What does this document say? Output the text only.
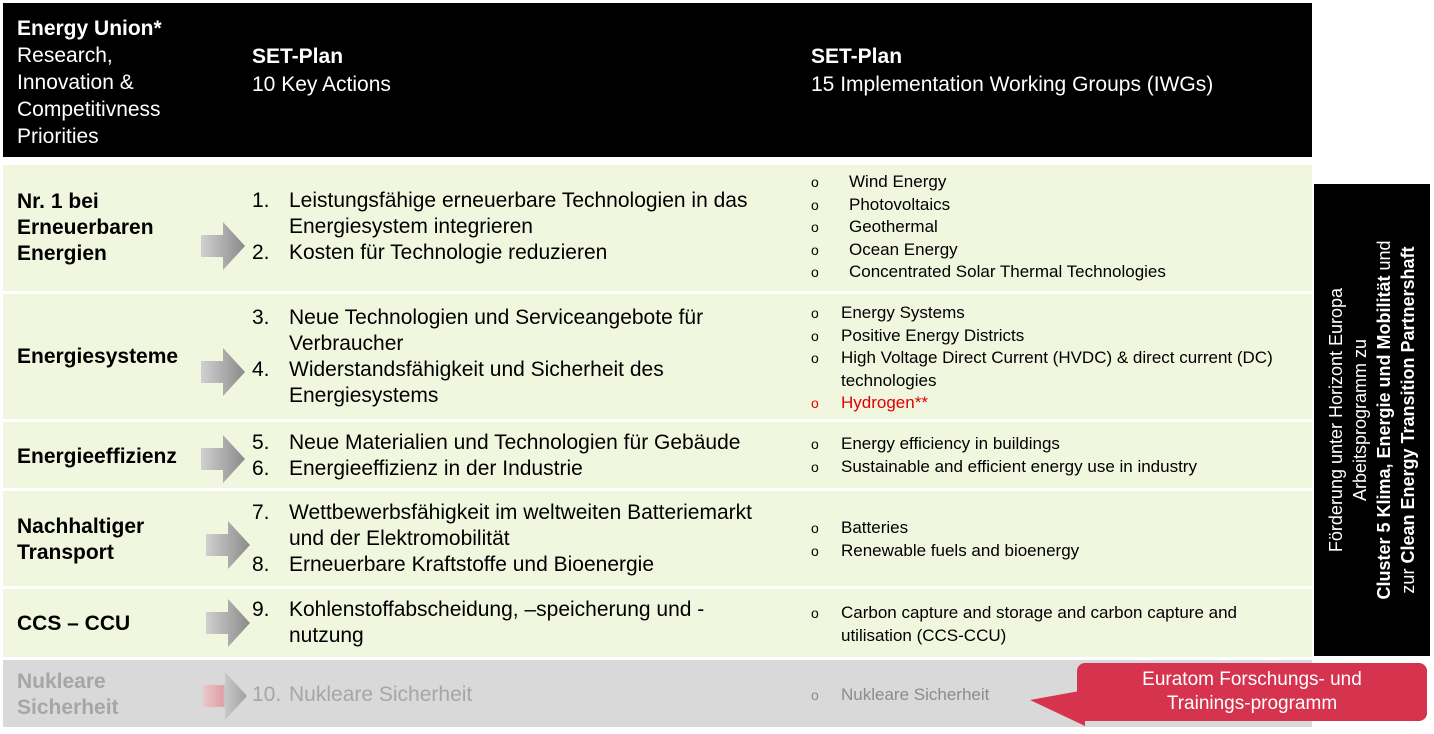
Energy Union*
Research,
Innovation &
Competitivness
Priorities
SET-Plan
10 Key Actions
SET-Plan
15 Implementation Working Groups (IWGs)
Nr. 1 bei
Erneuerbaren
Energien
1. Leistungsfähige erneuerbare Technologien in das Energiesystem integrieren
2. Kosten für Technologie reduzieren
o Wind Energy
o Photovoltaics
o Geothermal
o Ocean Energy
o Concentrated Solar Thermal Technologies
Energiesysteme
3. Neue Technologien und Serviceangebote für Verbraucher
4. Widerstandsfähigkeit und Sicherheit des Energiesystems
o Energy Systems
o Positive Energy Districts
o High Voltage Direct Current (HVDC) & direct current (DC) technologies
o Hydrogen**
Energieeffizienz
5. Neue Materialien und Technologien für Gebäude
6. Energieeffizienz in der Industrie
o Energy efficiency in buildings
o Sustainable and efficient energy use in industry
Nachhaltiger
Transport
7. Wettbewerbsfähigkeit im weltweiten Batteriemarkt und der Elektromobilität
8. Erneuerbare Kraftstoffe und Bioenergie
o Batteries
o Renewable fuels and bioenergy
CCS – CCU
9. Kohlenstoffabscheidung, –speicherung und -nutzung
o Carbon capture and storage and carbon capture and utilisation (CCS-CCU)
Nukleare
Sicherheit
10. Nukleare Sicherheit	o Nukleare Sicherheit
Förderung unter Horizont Europa Arbeitsprogramm zu Cluster 5 Klima, Energie und Mobilität und
zur Clean Energy Transition Partnershaft
Euratom Forschungs- und
Trainings-programm
